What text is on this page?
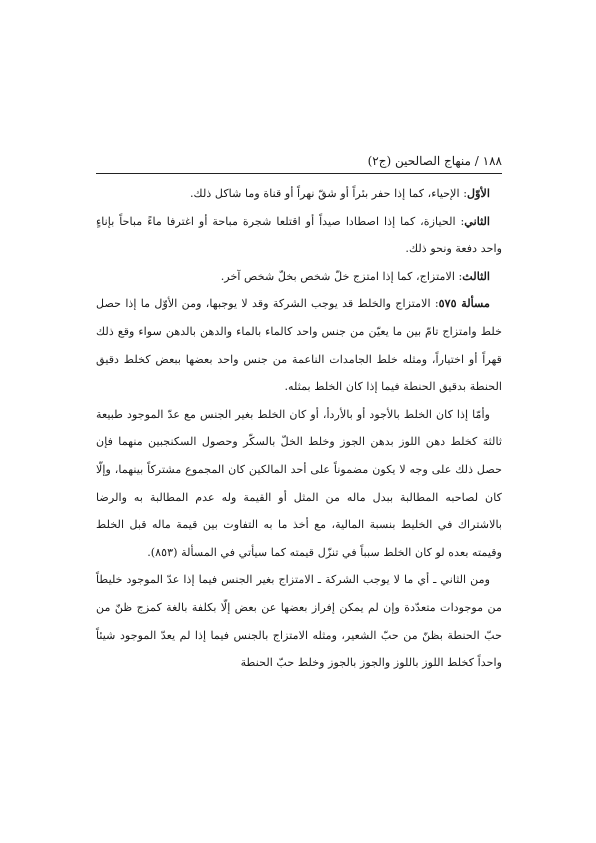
١٨٨ / منهاج الصالحين (ج٢)

الأوّل: الإحياء، كما إذا حفر بئراً أو شقّ نهراً أو قناة وما شاكل ذلك.

الثاني: الحيازة، كما إذا اصطادا صيداً أو اقتلعا شجرة مباحة أو اغترفا ماءً مباحاً بإناءٍ واحد دفعة ونحو ذلك.

الثالث: الامتزاج، كما إذا امتزج خلّ شخص بخلّ شخص آخر.

مسألة ٥٧٥: الامتزاج والخلط قد يوجب الشركة وقد لا يوجبها، ومن الأوّل ما إذا حصل خلط وامتزاج تامّ بين ما يعيّن من جنس واحد كالماء بالماء والدهن بالدهن سواء وقع ذلك قهراً أو اختياراً، ومثله خلط الجامدات الناعمة من جنس واحد بعضها ببعض كخلط دقيق الحنطة بدقيق الحنطة فيما إذا كان الخلط بمثله.

وأمّا إذا كان الخلط بالأجود أو بالأردأ، أو كان الخلط بغير الجنس مع عدّ الموجود طبيعة ثالثة كخلط دهن اللوز بدهن الجوز وخلط الخلّ بالسكّر وحصول السكنجبين منهما فإن حصل ذلك على وجه لا يكون مضموناً على أحد المالكين كان المجموع مشتركاً بينهما، وإلّا كان لصاحبه المطالبة ببدل ماله من المثل أو القيمة وله عدم المطالبة به والرضا بالاشتراك في الخليط بنسبة المالية، مع أخذ ما به التفاوت بين قيمة ماله قبل الخلط وقيمته بعده لو كان الخلط سبباً في تنزّل قيمته كما سيأتي في المسألة (٨٥٣).

ومن الثاني ـ أي ما لا يوجب الشركة ـ الامتزاج بغير الجنس فيما إذا عدّ الموجود خليطاً من موجودات متعدّدة وإن لم يمكن إفراز بعضها عن بعض إلّا بكلفة بالغة كمزج ظنّ من حبّ الحنطة بظنّ من حبّ الشعير، ومثله الامتزاج بالجنس فيما إذا لم يعدّ الموجود شيئاً واحداً كخلط اللوز باللوز والجوز بالجوز وخلط حبّ الحنطة
